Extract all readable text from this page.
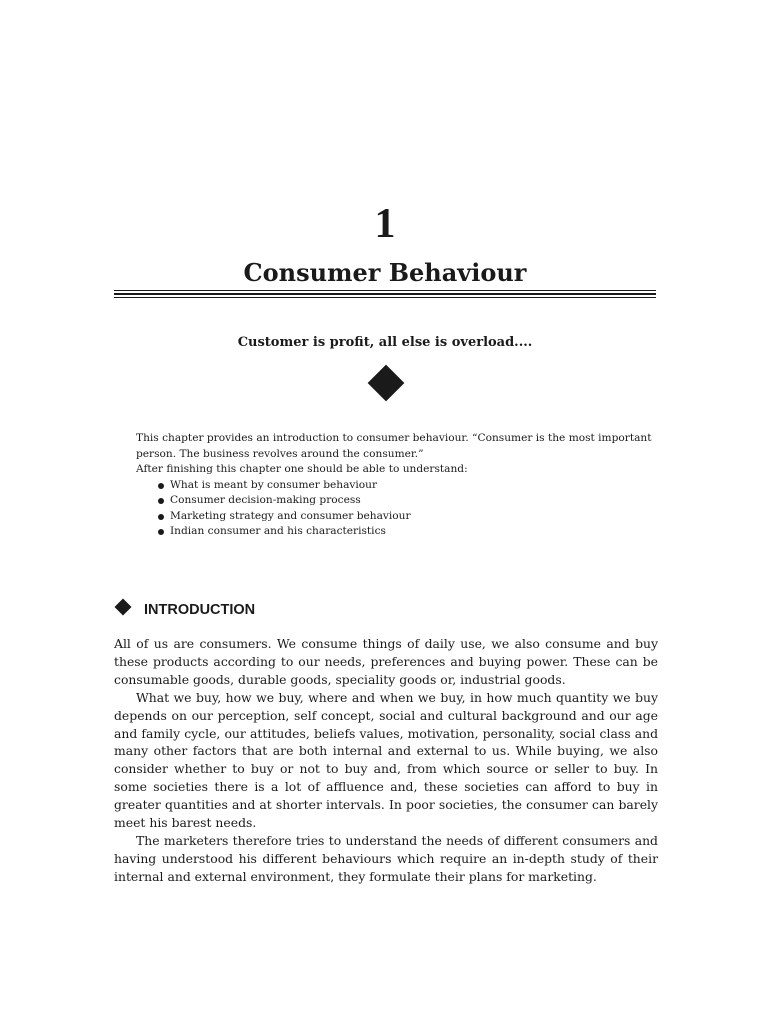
1
Consumer Behaviour
Customer is profit, all else is overload....

This chapter provides an introduction to consumer behaviour. “Consumer is the most important person. The business revolves around the consumer.”

After finishing this chapter one should be able to understand:

What is meant by consumer behaviour
Consumer decision-making process
Marketing strategy and consumer behaviour
Indian consumer and his characteristics
INTRODUCTION

All of us are consumers. We consume things of daily use, we also consume and buy these products according to our needs, preferences and buying power. These can be consumable goods, durable goods, speciality goods or, industrial goods.

What we buy, how we buy, where and when we buy, in how much quantity we buy depends on our perception, self concept, social and cultural background and our age and family cycle, our attitudes, beliefs values, motivation, personality, social class and many other factors that are both internal and external to us. While buying, we also consider whether to buy or not to buy and, from which source or seller to buy. In some societies there is a lot of affluence and, these societies can afford to buy in greater quantities and at shorter intervals. In poor societies, the consumer can barely meet his barest needs.

The marketers therefore tries to understand the needs of different consumers and having understood his different behaviours which require an in-depth study of their internal and external environment, they formulate their plans for marketing.
